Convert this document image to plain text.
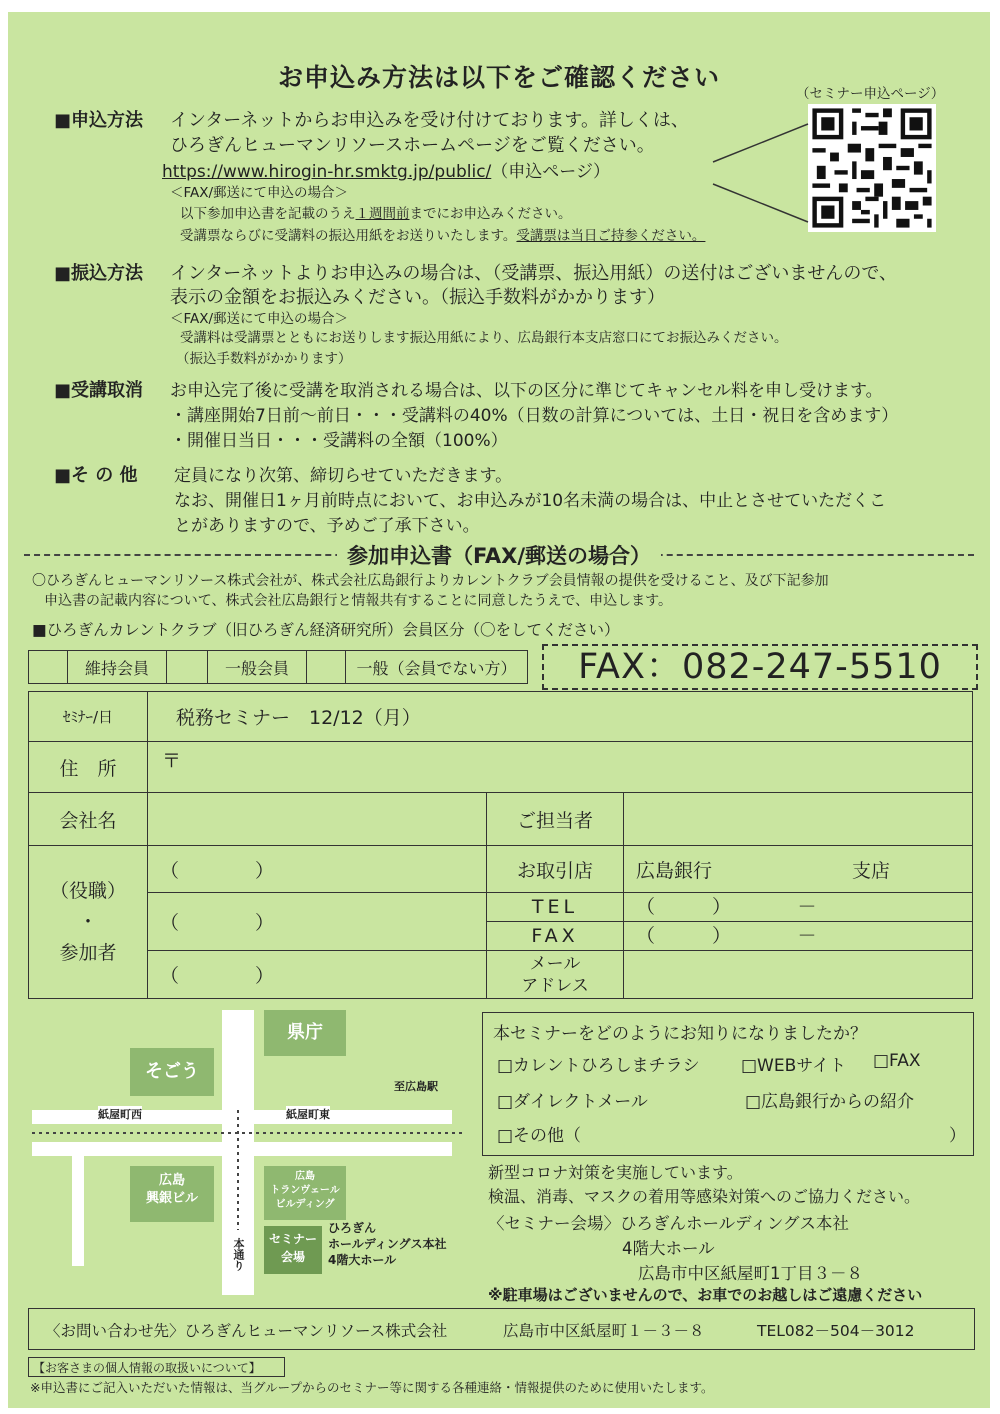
お申込み方法は以下をご確認ください
（セミナー申込ページ）
■申込方法 インターネットからお申込みを受け付けております。詳しくは、
ひろぎんヒューマンリソースホームページをご覧ください。
https://www.hirogin-hr.smktg.jp/public/（申込ページ）
＜FAX/郵送にて申込の場合＞
以下参加申込書を記載のうえ１週間前までにお申込みください。
受講票ならびに受講料の振込用紙をお送りいたします。受講票は当日ご持参ください。
■振込方法 インターネットよりお申込みの場合は、（受講票、振込用紙）の送付はございませんので、
表示の金額をお振込みください。（振込手数料がかかります）
＜FAX/郵送にて申込の場合＞
受講料は受講票とともにお送りします振込用紙により、広島銀行本支店窓口にてお振込みください。
（振込手数料がかかります）
■受講取消 お申込完了後に受講を取消される場合は、以下の区分に準じてキャンセル料を申し受けます。
・講座開始7日前～前日・・・受講料の40%（日数の計算については、土日・祝日を含めます）
・開催日当日・・・受講料の全額（100%）
■そ の 他 定員になり次第、締切らせていただきます。
なお、開催日1ヶ月前時点において、お申込みが10名未満の場合は、中止とさせていただくこ
とがありますので、予めご了承下さい。
参加申込書（FAX/郵送の場合）
〇ひろぎんヒューマンリソース株式会社が、株式会社広島銀行よりカレントクラブ会員情報の提供を受けること、及び下記参加
申込書の記載内容について、株式会社広島銀行と情報共有することに同意したうえで、申込します。
■ひろぎんカレントクラブ（旧ひろぎん経済研究所）会員区分（〇をしてください）
	維持会員		一般会員		一般（会員でない方）	FAX：082-247-5510
ｾﾐﾅｰ/日	税務セミナー　12/12（月）		
住　所	〒		
会社名		ご担当者	

（役職）
・
参加者	（　　　　）	お取引店	広島銀行 支店
	（　　　　）	TEL （　　　）　　　　－
FAX （　　　）　　　　－	

	（　　　　）	メール
アドレス	

県庁
そごう
至広島駅
紙屋町西	紙屋町東
広島
興銀ビル
広島
トランヴェール
ビルディング
セミナー
会場
ひろぎん
ホールディングス本社
4階大ホール
本通り
本セミナーをどのようにお知りになりましたか？
□カレントひろしまチラシ □WEBサイト □FAX
□ダイレクトメール	□広島銀行からの紹介
□その他（	）
新型コロナ対策を実施しています。
検温、消毒、マスクの着用等感染対策へのご協力ください。
〈セミナー会場〉ひろぎんホールディングス本社
4階大ホール
広島市中区紙屋町1丁目３－８
※駐車場はございませんので、お車でのお越しはご遠慮ください
〈お問い合わせ先〉ひろぎんヒューマンリソース株式会社	広島市中区紙屋町１－３－８	TEL082－504－3012
【お客さまの個人情報の取扱いについて】
※申込書にご記入いただいた情報は、当グループからのセミナー等に関する各種連絡・情報提供のために使用いたします。
